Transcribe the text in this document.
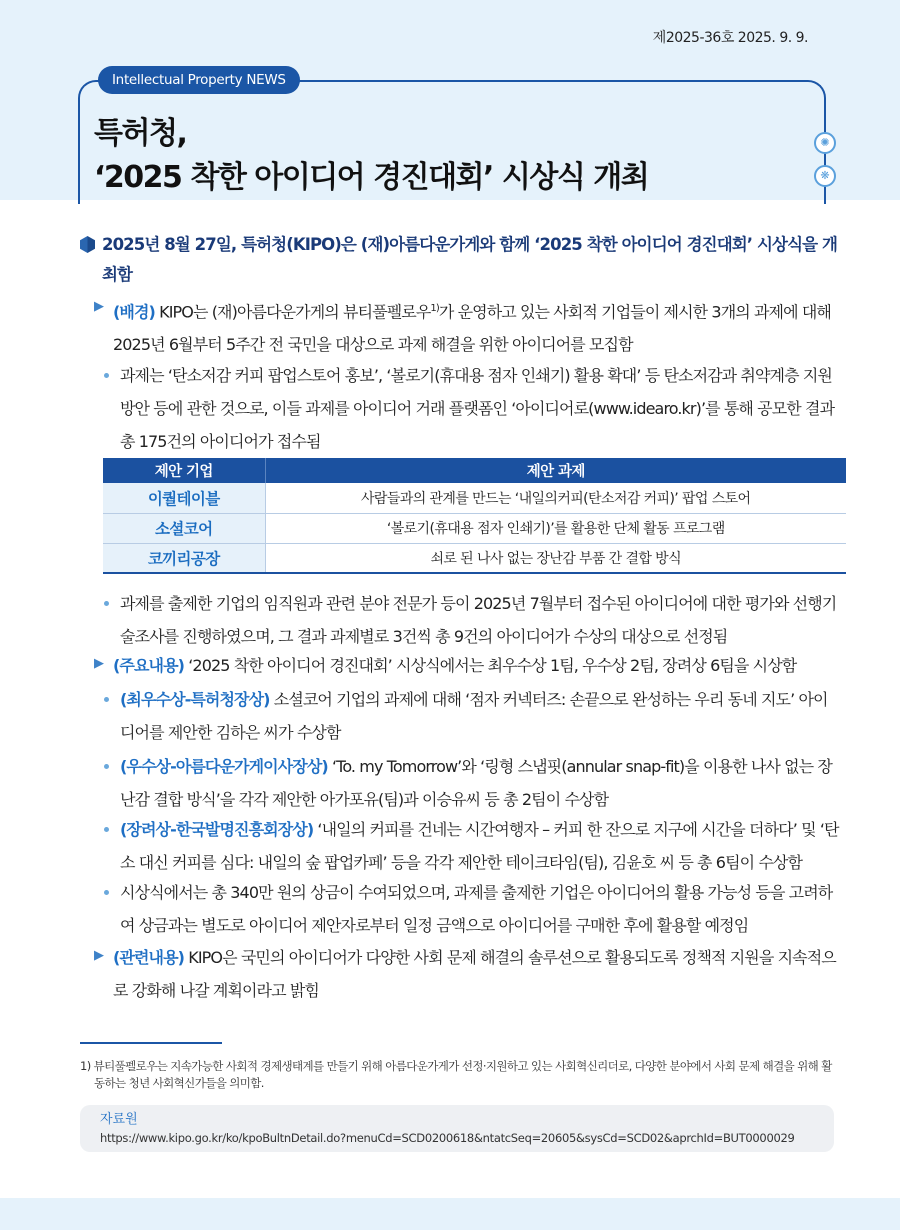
제2025-36호 2025. 9. 9.
Intellectual Property NEWS
✺
❋
특허청,
‘2025 착한 아이디어 경진대회’ 시상식 개최
2025년 8월 27일, 특허청(KIPO)은 (재)아름다운가게와 함께 ‘2025 착한 아이디어 경진대회’ 시상식을 개최함
▶ (배경) KIPO는 (재)아름다운가게의 뷰티풀펠로우$^{1)}$가 운영하고 있는 사회적 기업들이 제시한 3개의 과제에 대해 2025년 6월부터 5주간 전 국민을 대상으로 과제 해결을 위한 아이디어를 모집함
과제는 ‘탄소저감 커피 팝업스토어 홍보’, ‘볼로기(휴대용 점자 인쇄기) 활용 확대’ 등 탄소저감과 취약계층 지원 방안 등에 관한 것으로, 이들 과제를 아이디어 거래 플랫폼인 ‘아이디어로(www.idearo.kr)’를 통해 공모한 결과 총 175건의 아이디어가 접수됨
제안 기업	제안 과제
이퀄테이블	사람들과의 관계를 만드는 ‘내일의커피(탄소저감 커피)’ 팝업 스토어
소셜코어	‘볼로기(휴대용 점자 인쇄기)’를 활용한 단체 활동 프로그램
코끼리공장	쇠로 된 나사 없는 장난감 부품 간 결합 방식
과제를 출제한 기업의 임직원과 관련 분야 전문가 등이 2025년 7월부터 접수된 아이디어에 대한 평가와 선행기술조사를 진행하였으며, 그 결과 과제별로 3건씩 총 9건의 아이디어가 수상의 대상으로 선정됨
▶ (주요내용) ‘2025 착한 아이디어 경진대회’ 시상식에서는 최우수상 1팀, 우수상 2팀, 장려상 6팀을 시상함
(최우수상-특허청장상) 소셜코어 기업의 과제에 대해 ‘점자 커넥터즈: 손끝으로 완성하는 우리 동네 지도’ 아이디어를 제안한 김하은 씨가 수상함
(우수상-아름다운가게이사장상) ‘To. my Tomorrow’와 ‘링형 스냅핏(annular snap-fit)을 이용한 나사 없는 장난감 결합 방식’을 각각 제안한 아가포유(팀)과 이승유씨 등 총 2팀이 수상함
(장려상-한국발명진흥회장상) ‘내일의 커피를 건네는 시간여행자 – 커피 한 잔으로 지구에 시간을 더하다’ 및 ‘탄소 대신 커피를 심다: 내일의 숲 팝업카페’ 등을 각각 제안한 테이크타임(팀), 김윤호 씨 등 총 6팀이 수상함
시상식에서는 총 340만 원의 상금이 수여되었으며, 과제를 출제한 기업은 아이디어의 활용 가능성 등을 고려하여 상금과는 별도로 아이디어 제안자로부터 일정 금액으로 아이디어를 구매한 후에 활용할 예정임
▶ (관련내용) KIPO은 국민의 아이디어가 다양한 사회 문제 해결의 솔루션으로 활용되도록 정책적 지원을 지속적으로 강화해 나갈 계획이라고 밝힘
1) 뷰티풀펠로우는 지속가능한 사회적 경제생태계를 만들기 위해 아름다운가게가 선정·지원하고 있는 사회혁신리더로, 다양한 분야에서 사회 문제 해결을 위해 활동하는 청년 사회혁신가들을 의미함.
자료원
https://www.kipo.go.kr/ko/kpoBultnDetail.do?menuCd=SCD0200618&ntatcSeq=20605&sysCd=SCD02&aprchId=BUT0000029
